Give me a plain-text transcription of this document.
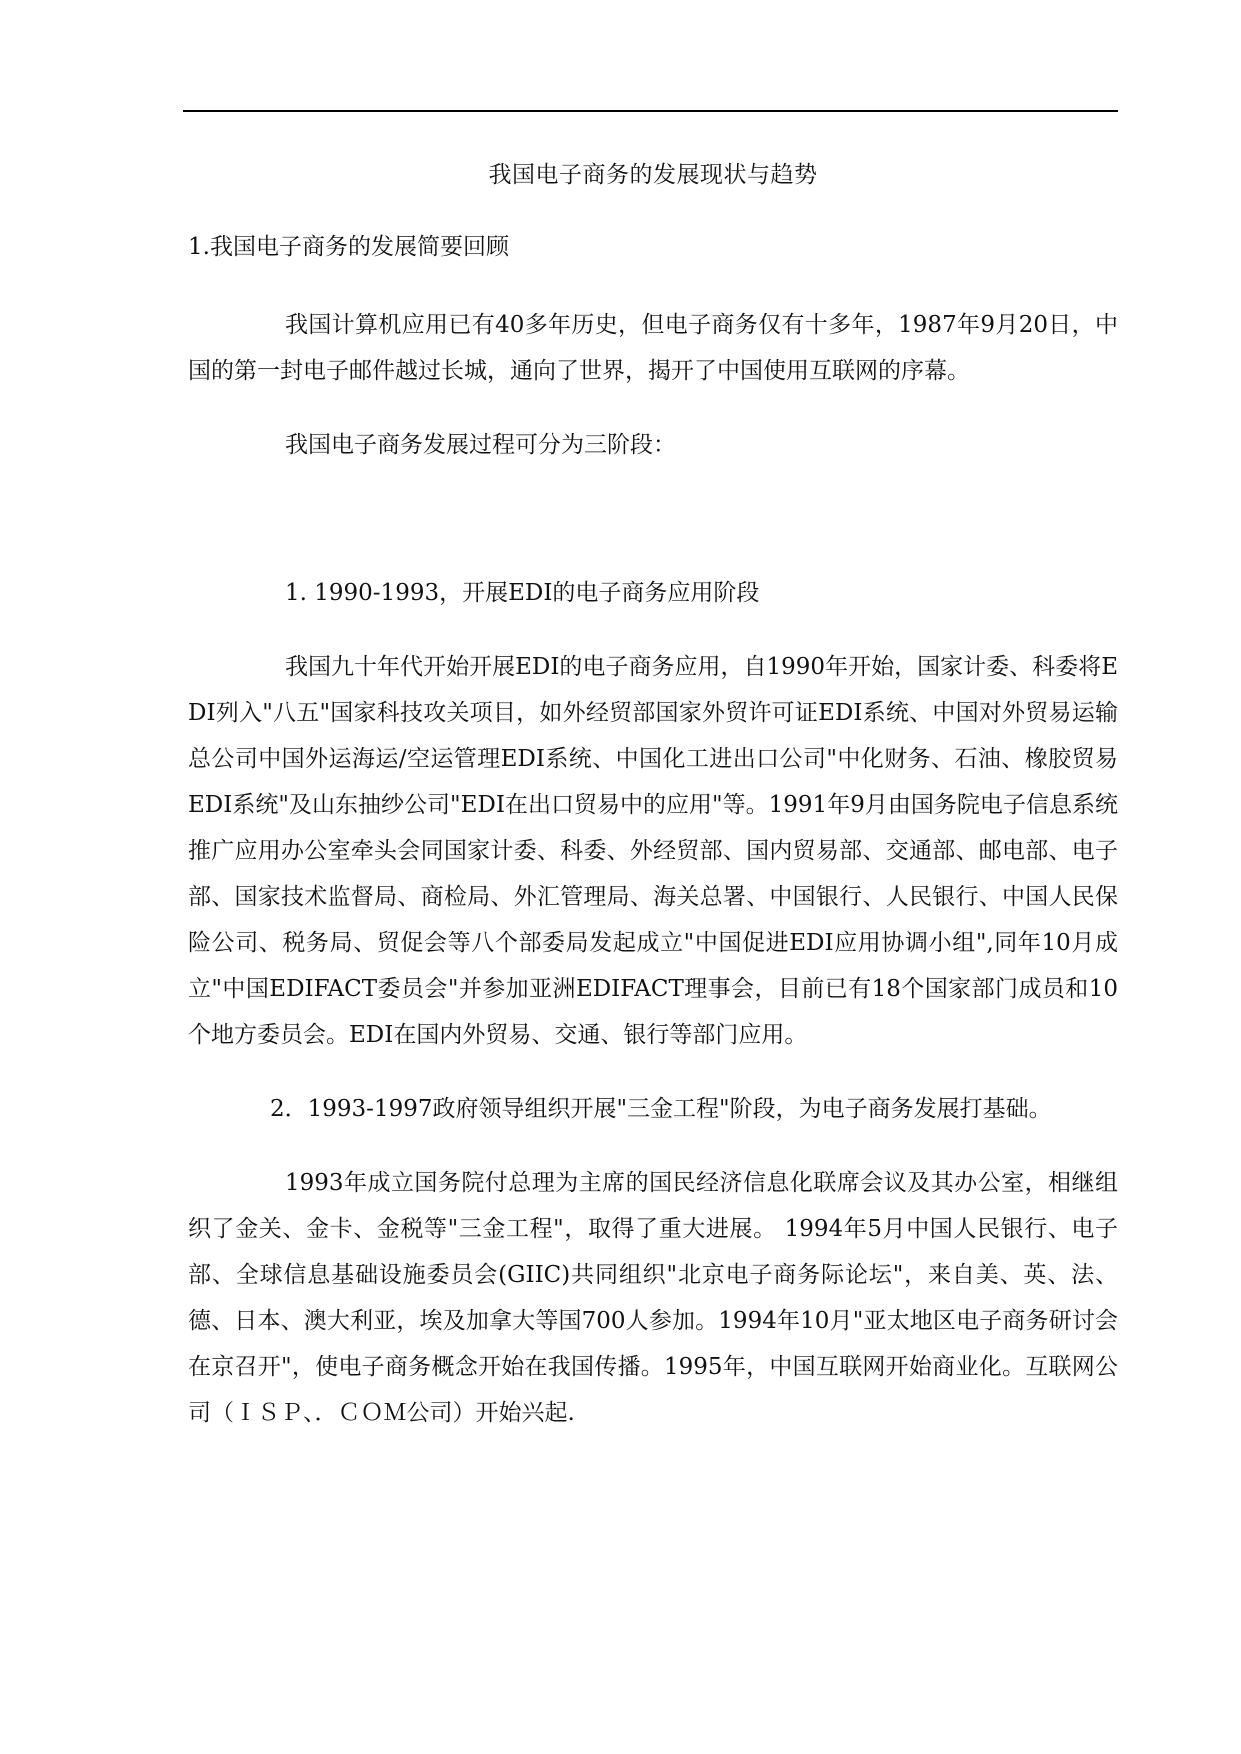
我国电子商务的发展现状与趋势
1.我国电子商务的发展简要回顾
我国计算机应用已有40多年历史，但电子商务仅有十多年，1987年9月20日，中国的第一封电子邮件越过长城，通向了世界，揭开了中国使用互联网的序幕。
我国电子商务发展过程可分为三阶段：
1. 1990-1993，开展EDI的电子商务应用阶段
我国九十年代开始开展EDI的电子商务应用，自1990年开始，国家计委、科委将EDI列入"八五"国家科技攻关项目，如外经贸部国家外贸许可证EDI系统、中国对外贸易运输总公司中国外运海运/空运管理EDI系统、中国化工进出口公司"中化财务、石油、橡胶贸易EDI系统"及山东抽纱公司"EDI在出口贸易中的应用"等。1991年9月由国务院电子信息系统推广应用办公室牵头会同国家计委、科委、外经贸部、国内贸易部、交通部、邮电部、电子部、国家技术监督局、商检局、外汇管理局、海关总署、中国银行、人民银行、中国人民保险公司、税务局、贸促会等八个部委局发起成立"中国促进EDI应用协调小组",同年10月成立"中国EDIFACT委员会"并参加亚洲EDIFACT理事会，目前已有18个国家部门成员和10个地方委员会。EDI在国内外贸易、交通、银行等部门应用。
2．1993-1997政府领导组织开展"三金工程"阶段，为电子商务发展打基础。
1993年成立国务院付总理为主席的国民经济信息化联席会议及其办公室，相继组织了金关、金卡、金税等"三金工程"，取得了重大进展。 1994年5月中国人民银行、电子部、全球信息基础设施委员会(GIIC)共同组织"北京电子商务际论坛"，来自美、英、法、德、日本、澳大利亚，埃及加拿大等国700人参加。1994年10月"亚太地区电子商务研讨会在京召开"，使电子商务概念开始在我国传播。1995年，中国互联网开始商业化。互联网公司（ＩＳＰ、．ＣＯＭ公司）开始兴起.
